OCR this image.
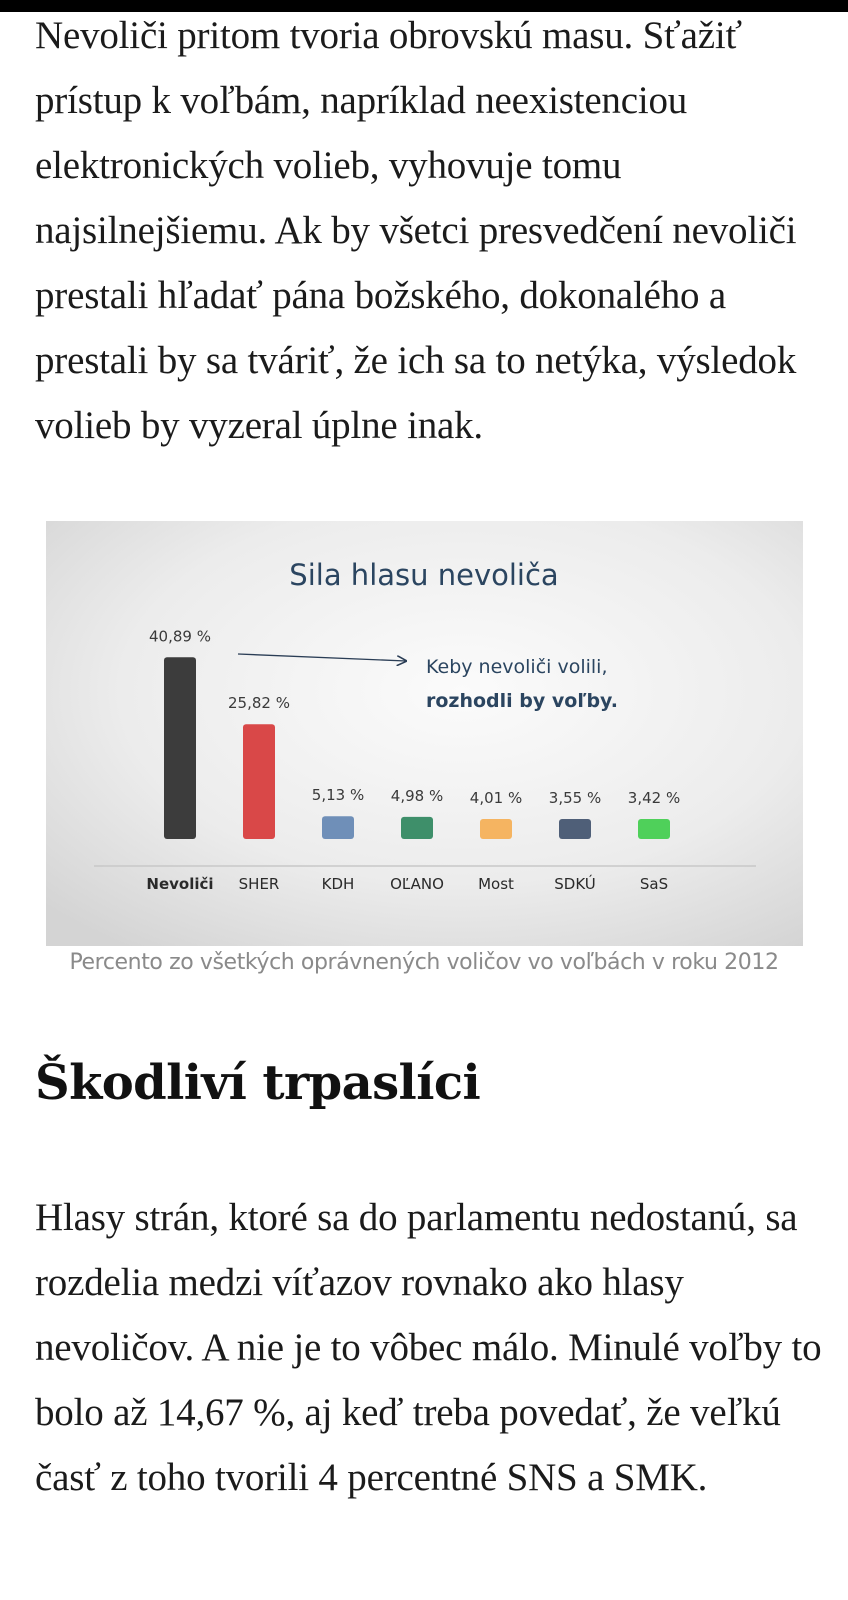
Nevoliči pritom tvoria obrovskú masu. Sťažiť prístup k voľbám, napríklad neexistenciou elektronických volieb, vyhovuje tomu najsilnejšiemu. Ak by všetci presvedčení nevoliči prestali hľadať pána božského, dokonalého a prestali by sa tváriť, že ich sa to netýka, výsledok volieb by vyzeral úplne inak.

Sila hlasu nevoliča
Keby nevoliči volili,
rozhodli by voľby.
40,89 %
Nevoliči
25,82 %
SHER
5,13 %
KDH
4,98 %
OĽANO
4,01 %
Most
3,55 %
SDKÚ
3,42 %
SaS
Percento zo všetkých oprávnených voličov vo voľbách v roku 2012
Škodliví trpaslíci

Hlasy strán, ktoré sa do parlamentu nedostanú, sa rozdelia medzi víťazov rovnako ako hlasy nevoličov. A nie je to vôbec málo. Minulé voľby to bolo až 14,67 %, aj keď treba povedať, že veľkú časť z toho tvorili 4 percentné SNS a SMK.
